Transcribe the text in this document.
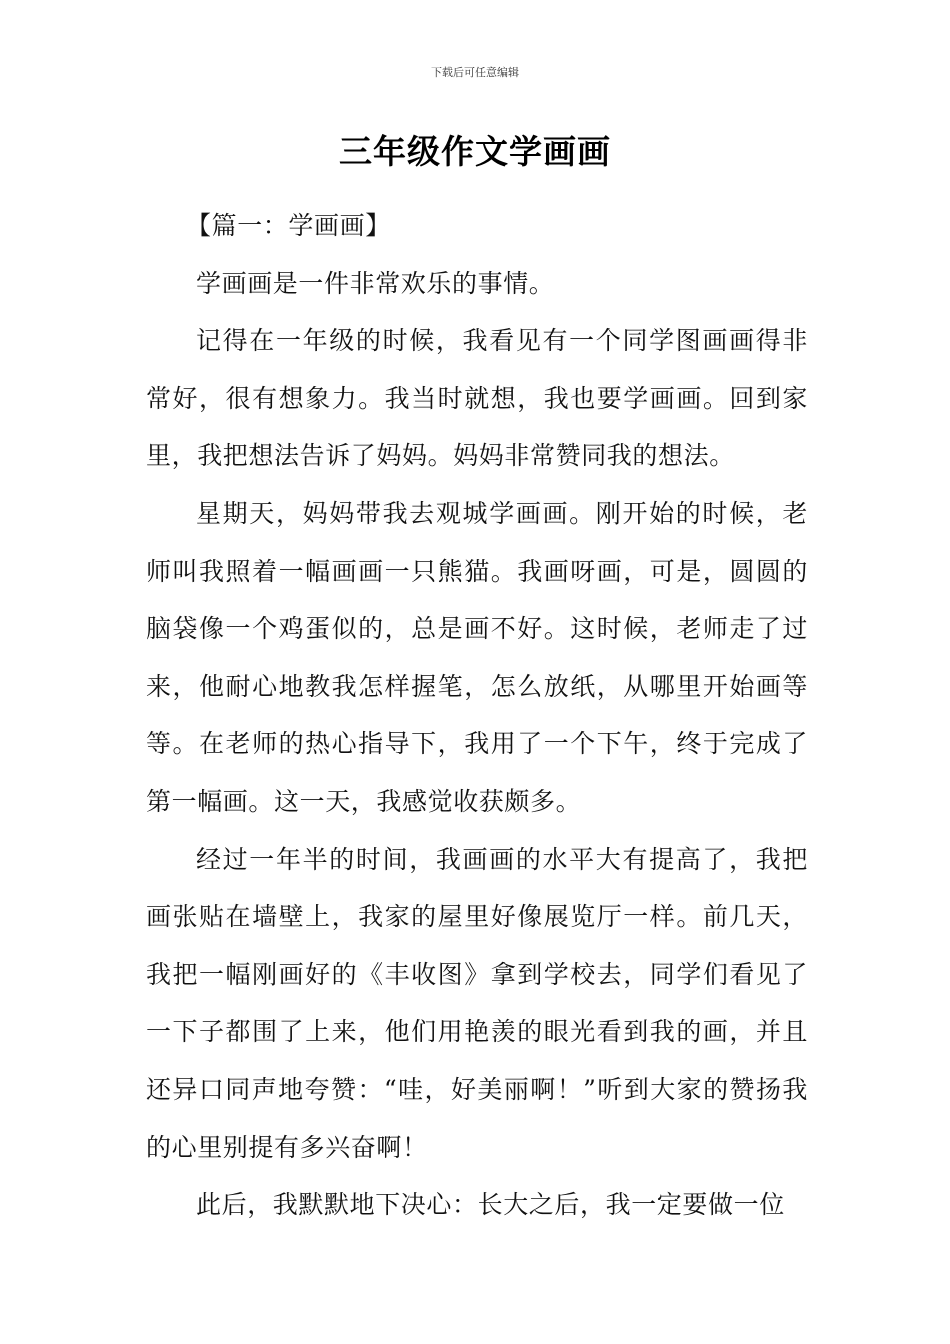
下载后可任意编辑
三年级作文学画画

【篇一：学画画】

学画画是一件非常欢乐的事情。

记得在一年级的时候，我看见有一个同学图画画得非常好，很有想象力。我当时就想，我也要学画画。回到家里，我把想法告诉了妈妈。妈妈非常赞同我的想法。

星期天，妈妈带我去观城学画画。刚开始的时候，老师叫我照着一幅画画一只熊猫。我画呀画，可是，圆圆的脑袋像一个鸡蛋似的，总是画不好。这时候，老师走了过来，他耐心地教我怎样握笔，怎么放纸，从哪里开始画等等。在老师的热心指导下，我用了一个下午，终于完成了第一幅画。这一天，我感觉收获颇多。

经过一年半的时间，我画画的水平大有提高了，我把画张贴在墙壁上，我家的屋里好像展览厅一样。前几天，我把一幅刚画好的《丰收图》拿到学校去，同学们看见了一下子都围了上来，他们用艳羡的眼光看到我的画，并且还异口同声地夸赞：“哇，好美丽啊！”听到大家的赞扬我的心里别提有多兴奋啊！

此后，我默默地下决心：长大之后，我一定要做一位
